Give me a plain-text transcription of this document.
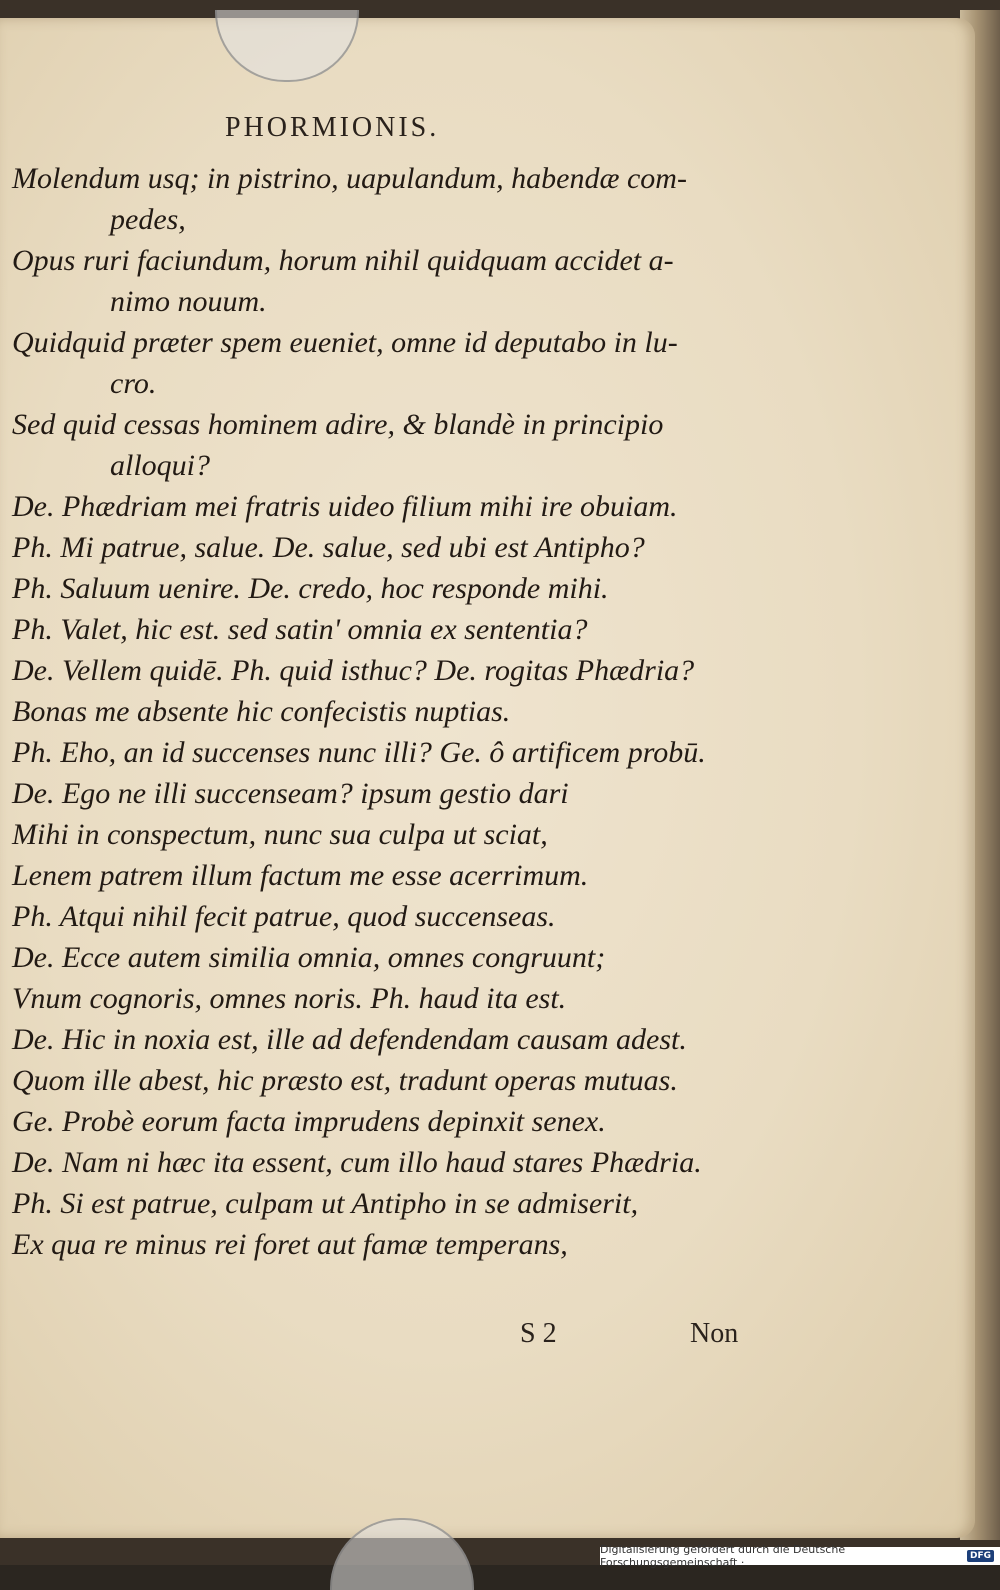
PHORMIONIS.
Molendum usq; in pistrino, uapulandum, habendæ com-
pedes,
Opus ruri faciundum, horum nihil quidquam accidet a-
nimo nouum.
Quidquid præter spem eueniet, omne id deputabo in lu-
cro.
Sed quid cessas hominem adire, & blandè in principio
alloqui?
De. Phædriam mei fratris uideo filium mihi ire obuiam.
Ph. Mi patrue, salue. De. salue, sed ubi est Antipho?
Ph. Saluum uenire. De. credo, hoc responde mihi.
Ph. Valet, hic est. sed satin' omnia ex sententia?
De. Vellem quidē. Ph. quid isthuc? De. rogitas Phædria?
Bonas me absente hic confecistis nuptias.
Ph. Eho, an id succenses nunc illi? Ge. ô artificem probū.
De. Ego ne illi succenseam? ipsum gestio dari
Mihi in conspectum, nunc sua culpa ut sciat,
Lenem patrem illum factum me esse acerrimum.
Ph. Atqui nihil fecit patrue, quod succenseas.
De. Ecce autem similia omnia, omnes congruunt;
Vnum cognoris, omnes noris. Ph. haud ita est.
De. Hic in noxia est, ille ad defendendam causam adest.
Quom ille abest, hic præsto est, tradunt operas mutuas.
Ge. Probè eorum facta imprudens depinxit senex.
De. Nam ni hæc ita essent, cum illo haud stares Phædria.
Ph. Si est patrue, culpam ut Antipho in se admiserit,
Ex qua re minus rei foret aut famæ temperans,
S 2	Non
Digitalisierung gefördert durch die Deutsche Forschungsgemeinschaft ·	DFG
